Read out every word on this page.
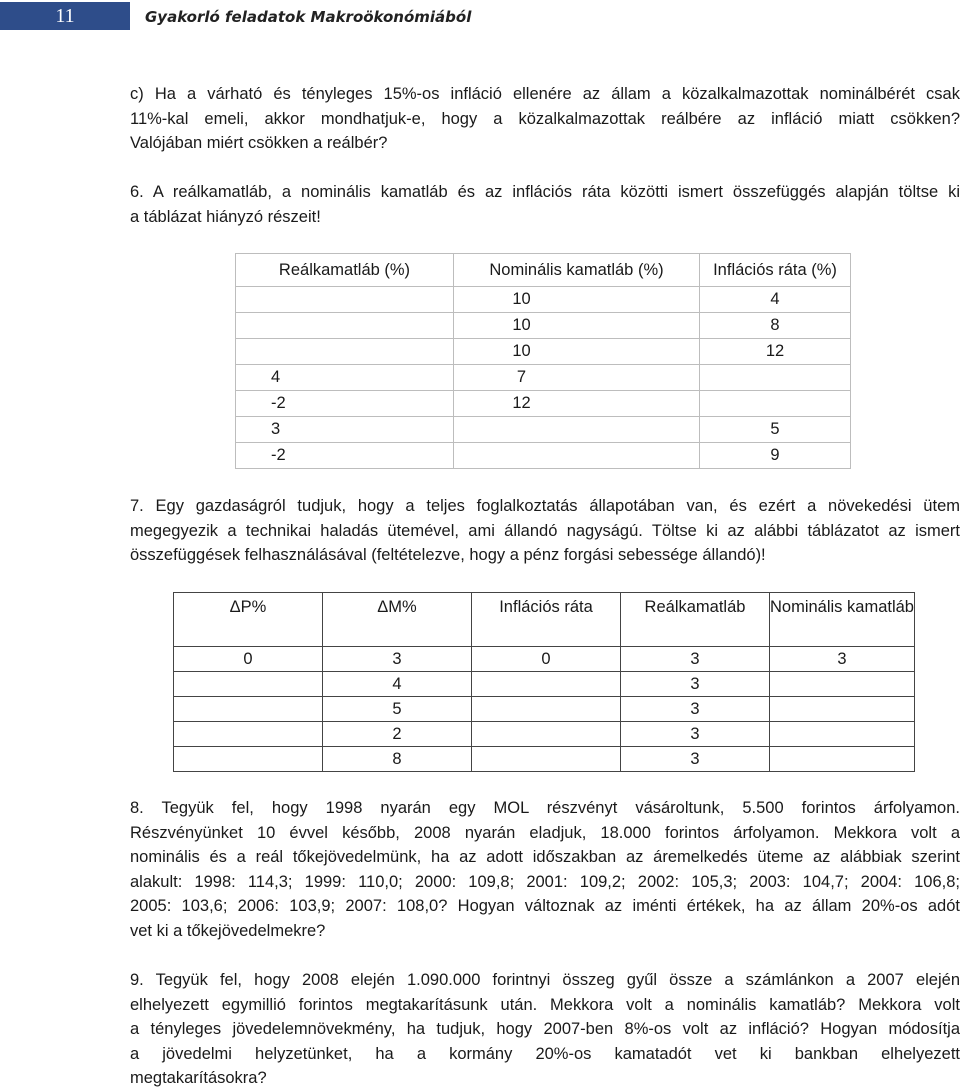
11	Gyakorló feladatok Makroökonómiából
c) Ha a várható és tényleges 15%-os infláció ellenére az állam a közalkalmazottak nominálbérét csak
11%-kal emeli, akkor mondhatjuk-e, hogy a közalkalmazottak reálbére az infláció miatt csökken?
Valójában miért csökken a reálbér?
6. A reálkamatláb, a nominális kamatláb és az inflációs ráta közötti ismert összefüggés alapján töltse ki
a táblázat hiányzó részeit!
Reálkamatláb (%)	Nominális kamatláb (%)	Inflációs ráta (%)
	10	4
	10	8
	10	12
4	7	
-2	12	
3		5
-2		9
7. Egy gazdaságról tudjuk, hogy a teljes foglalkoztatás állapotában van, és ezért a növekedési ütem
megegyezik a technikai haladás ütemével, ami állandó nagyságú. Töltse ki az alábbi táblázatot az ismert
összefüggések felhasználásával (feltételezve, hogy a pénz forgási sebessége állandó)!
ΔP%	ΔM%	Inflációs ráta	Reálkamatláb	Nominális kamatláb
0	3	0	3	3
	4		3	
	5		3	
	2		3	
	8		3	
8. Tegyük fel, hogy 1998 nyarán egy MOL részvényt vásároltunk, 5.500 forintos árfolyamon.
Részvényünket 10 évvel később, 2008 nyarán eladjuk, 18.000 forintos árfolyamon. Mekkora volt a
nominális és a reál tőkejövedelmünk, ha az adott időszakban az áremelkedés üteme az alábbiak szerint
alakult: 1998: 114,3; 1999: 110,0; 2000: 109,8; 2001: 109,2; 2002: 105,3; 2003: 104,7; 2004: 106,8;
2005: 103,6; 2006: 103,9; 2007: 108,0? Hogyan változnak az iménti értékek, ha az állam 20%-os adót
vet ki a tőkejövedelmekre?
9. Tegyük fel, hogy 2008 elején 1.090.000 forintnyi összeg gyűl össze a számlánkon a 2007 elején
elhelyezett egymillió forintos megtakarításunk után. Mekkora volt a nominális kamatláb? Mekkora volt
a tényleges jövedelemnövekmény, ha tudjuk, hogy 2007-ben 8%-os volt az infláció? Hogyan módosítja
a jövedelmi helyzetünket, ha a kormány 20%-os kamatadót vet ki bankban elhelyezett
megtakarításokra?
